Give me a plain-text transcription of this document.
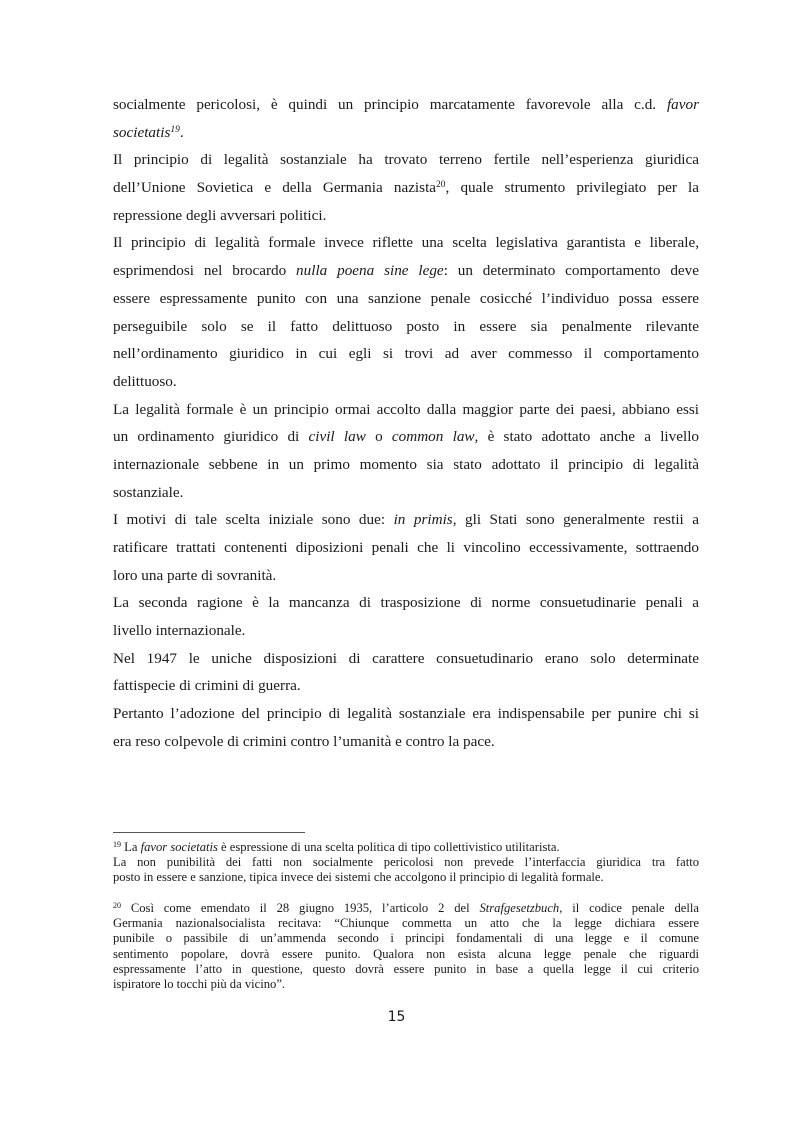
socialmente pericolosi, è quindi un principio marcatamente favorevole alla c.d. favor
societatis$^{19}$.
Il principio di legalità sostanziale ha trovato terreno fertile nell’esperienza giuridica
dell’Unione Sovietica e della Germania nazista$^{20}$, quale strumento privilegiato per la
repressione degli avversari politici.
Il principio di legalità formale invece riflette una scelta legislativa garantista e liberale,
esprimendosi nel brocardo nulla poena sine lege: un determinato comportamento deve
essere espressamente punito con una sanzione penale cosicché l’individuo possa essere
perseguibile solo se il fatto delittuoso posto in essere sia penalmente rilevante
nell’ordinamento giuridico in cui egli si trovi ad aver commesso il comportamento
delittuoso.
La legalità formale è un principio ormai accolto dalla maggior parte dei paesi, abbiano essi
un ordinamento giuridico di civil law o common law, è stato adottato anche a livello
internazionale sebbene in un primo momento sia stato adottato il principio di legalità
sostanziale.
I motivi di tale scelta iniziale sono due: in primis, gli Stati sono generalmente restii a
ratificare trattati contenenti diposizioni penali che li vincolino eccessivamente, sottraendo
loro una parte di sovranità.
La seconda ragione è la mancanza di trasposizione di norme consuetudinarie penali a
livello internazionale.
Nel 1947 le uniche disposizioni di carattere consuetudinario erano solo determinate
fattispecie di crimini di guerra.
Pertanto l’adozione del principio di legalità sostanziale era indispensabile per punire chi si
era reso colpevole di crimini contro l’umanità e contro la pace.
$^{19}$ La favor societatis è espressione di una scelta politica di tipo collettivistico utilitarista.
La non punibilità dei fatti non socialmente pericolosi non prevede l’interfaccia giuridica tra fatto
posto in essere e sanzione, tipica invece dei sistemi che accolgono il principio di legalità formale.
$^{20}$ Così come emendato il 28 giugno 1935, l’articolo 2 del Strafgesetzbuch, il codice penale della
Germania nazionalsocialista recitava: “Chiunque commetta un atto che la legge dichiara essere
punibile o passibile di un’ammenda secondo i principi fondamentali di una legge e il comune
sentimento popolare, dovrà essere punito. Qualora non esista alcuna legge penale che riguardi
espressamente l’atto in questione, questo dovrà essere punito in base a quella legge il cui criterio
ispiratore lo tocchi più da vicino”.
15
